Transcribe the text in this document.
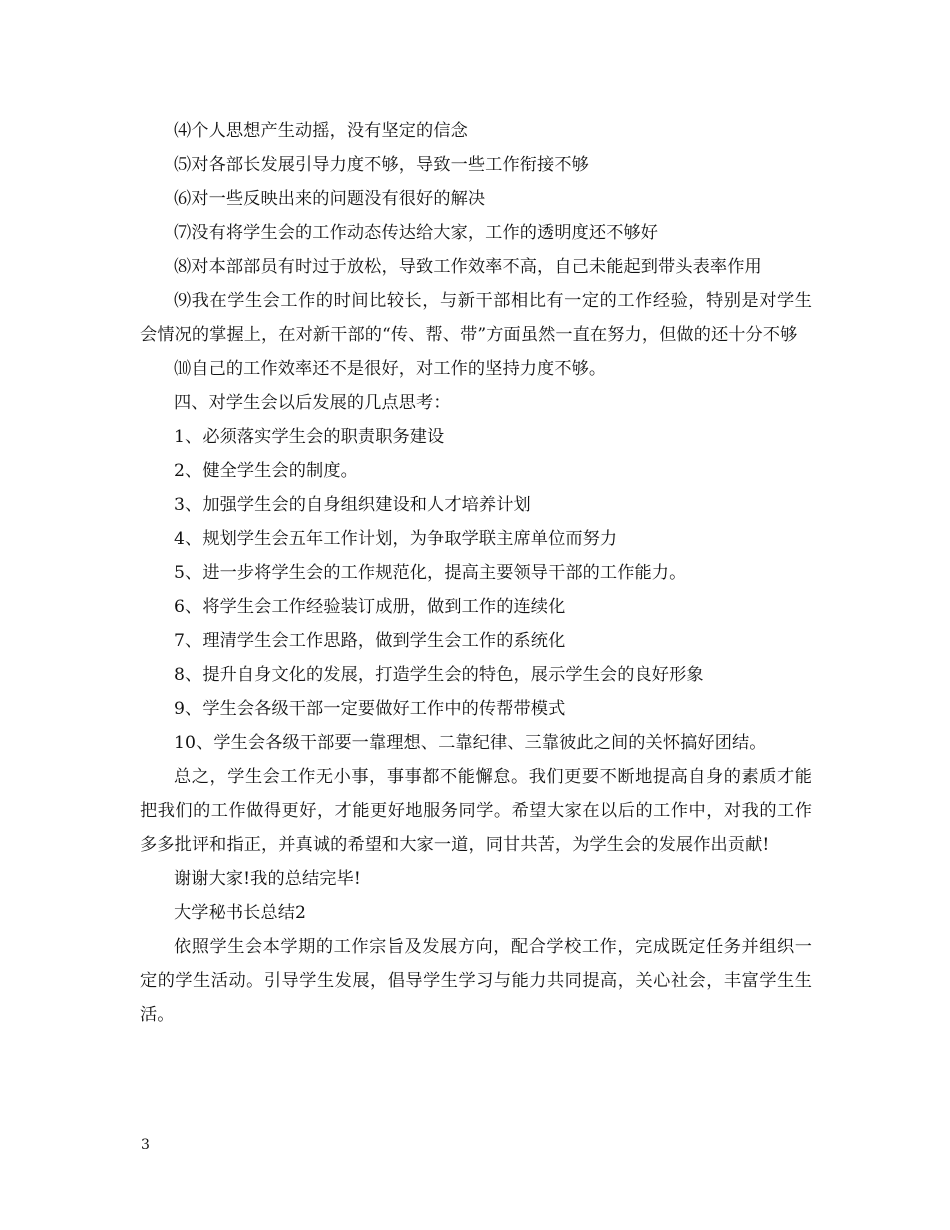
⑷个人思想产生动摇，没有坚定的信念

⑸对各部长发展引导力度不够，导致一些工作衔接不够

⑹对一些反映出来的问题没有很好的解决

⑺没有将学生会的工作动态传达给大家，工作的透明度还不够好

⑻对本部部员有时过于放松，导致工作效率不高，自己未能起到带头表率作用

⑼我在学生会工作的时间比较长，与新干部相比有一定的工作经验，特别是对学生会情况的掌握上，在对新干部的“传、帮、带”方面虽然一直在努力，但做的还十分不够

⑽自己的工作效率还不是很好，对工作的坚持力度不够。

四、对学生会以后发展的几点思考：

1、必须落实学生会的职责职务建设

2、健全学生会的制度。

3、加强学生会的自身组织建设和人才培养计划

4、规划学生会五年工作计划，为争取学联主席单位而努力

5、进一步将学生会的工作规范化，提高主要领导干部的工作能力。

6、将学生会工作经验装订成册，做到工作的连续化

7、理清学生会工作思路，做到学生会工作的系统化

8、提升自身文化的发展，打造学生会的特色，展示学生会的良好形象

9、学生会各级干部一定要做好工作中的传帮带模式

10、学生会各级干部要一靠理想、二靠纪律、三靠彼此之间的关怀搞好团结。

总之，学生会工作无小事，事事都不能懈怠。我们更要不断地提高自身的素质才能把我们的工作做得更好，才能更好地服务同学。希望大家在以后的工作中，对我的工作多多批评和指正，并真诚的希望和大家一道，同甘共苦，为学生会的发展作出贡献!

谢谢大家!我的总结完毕!

大学秘书长总结2

依照学生会本学期的工作宗旨及发展方向，配合学校工作，完成既定任务并组织一定的学生活动。引导学生发展，倡导学生学习与能力共同提高，关心社会，丰富学生生活。

3
